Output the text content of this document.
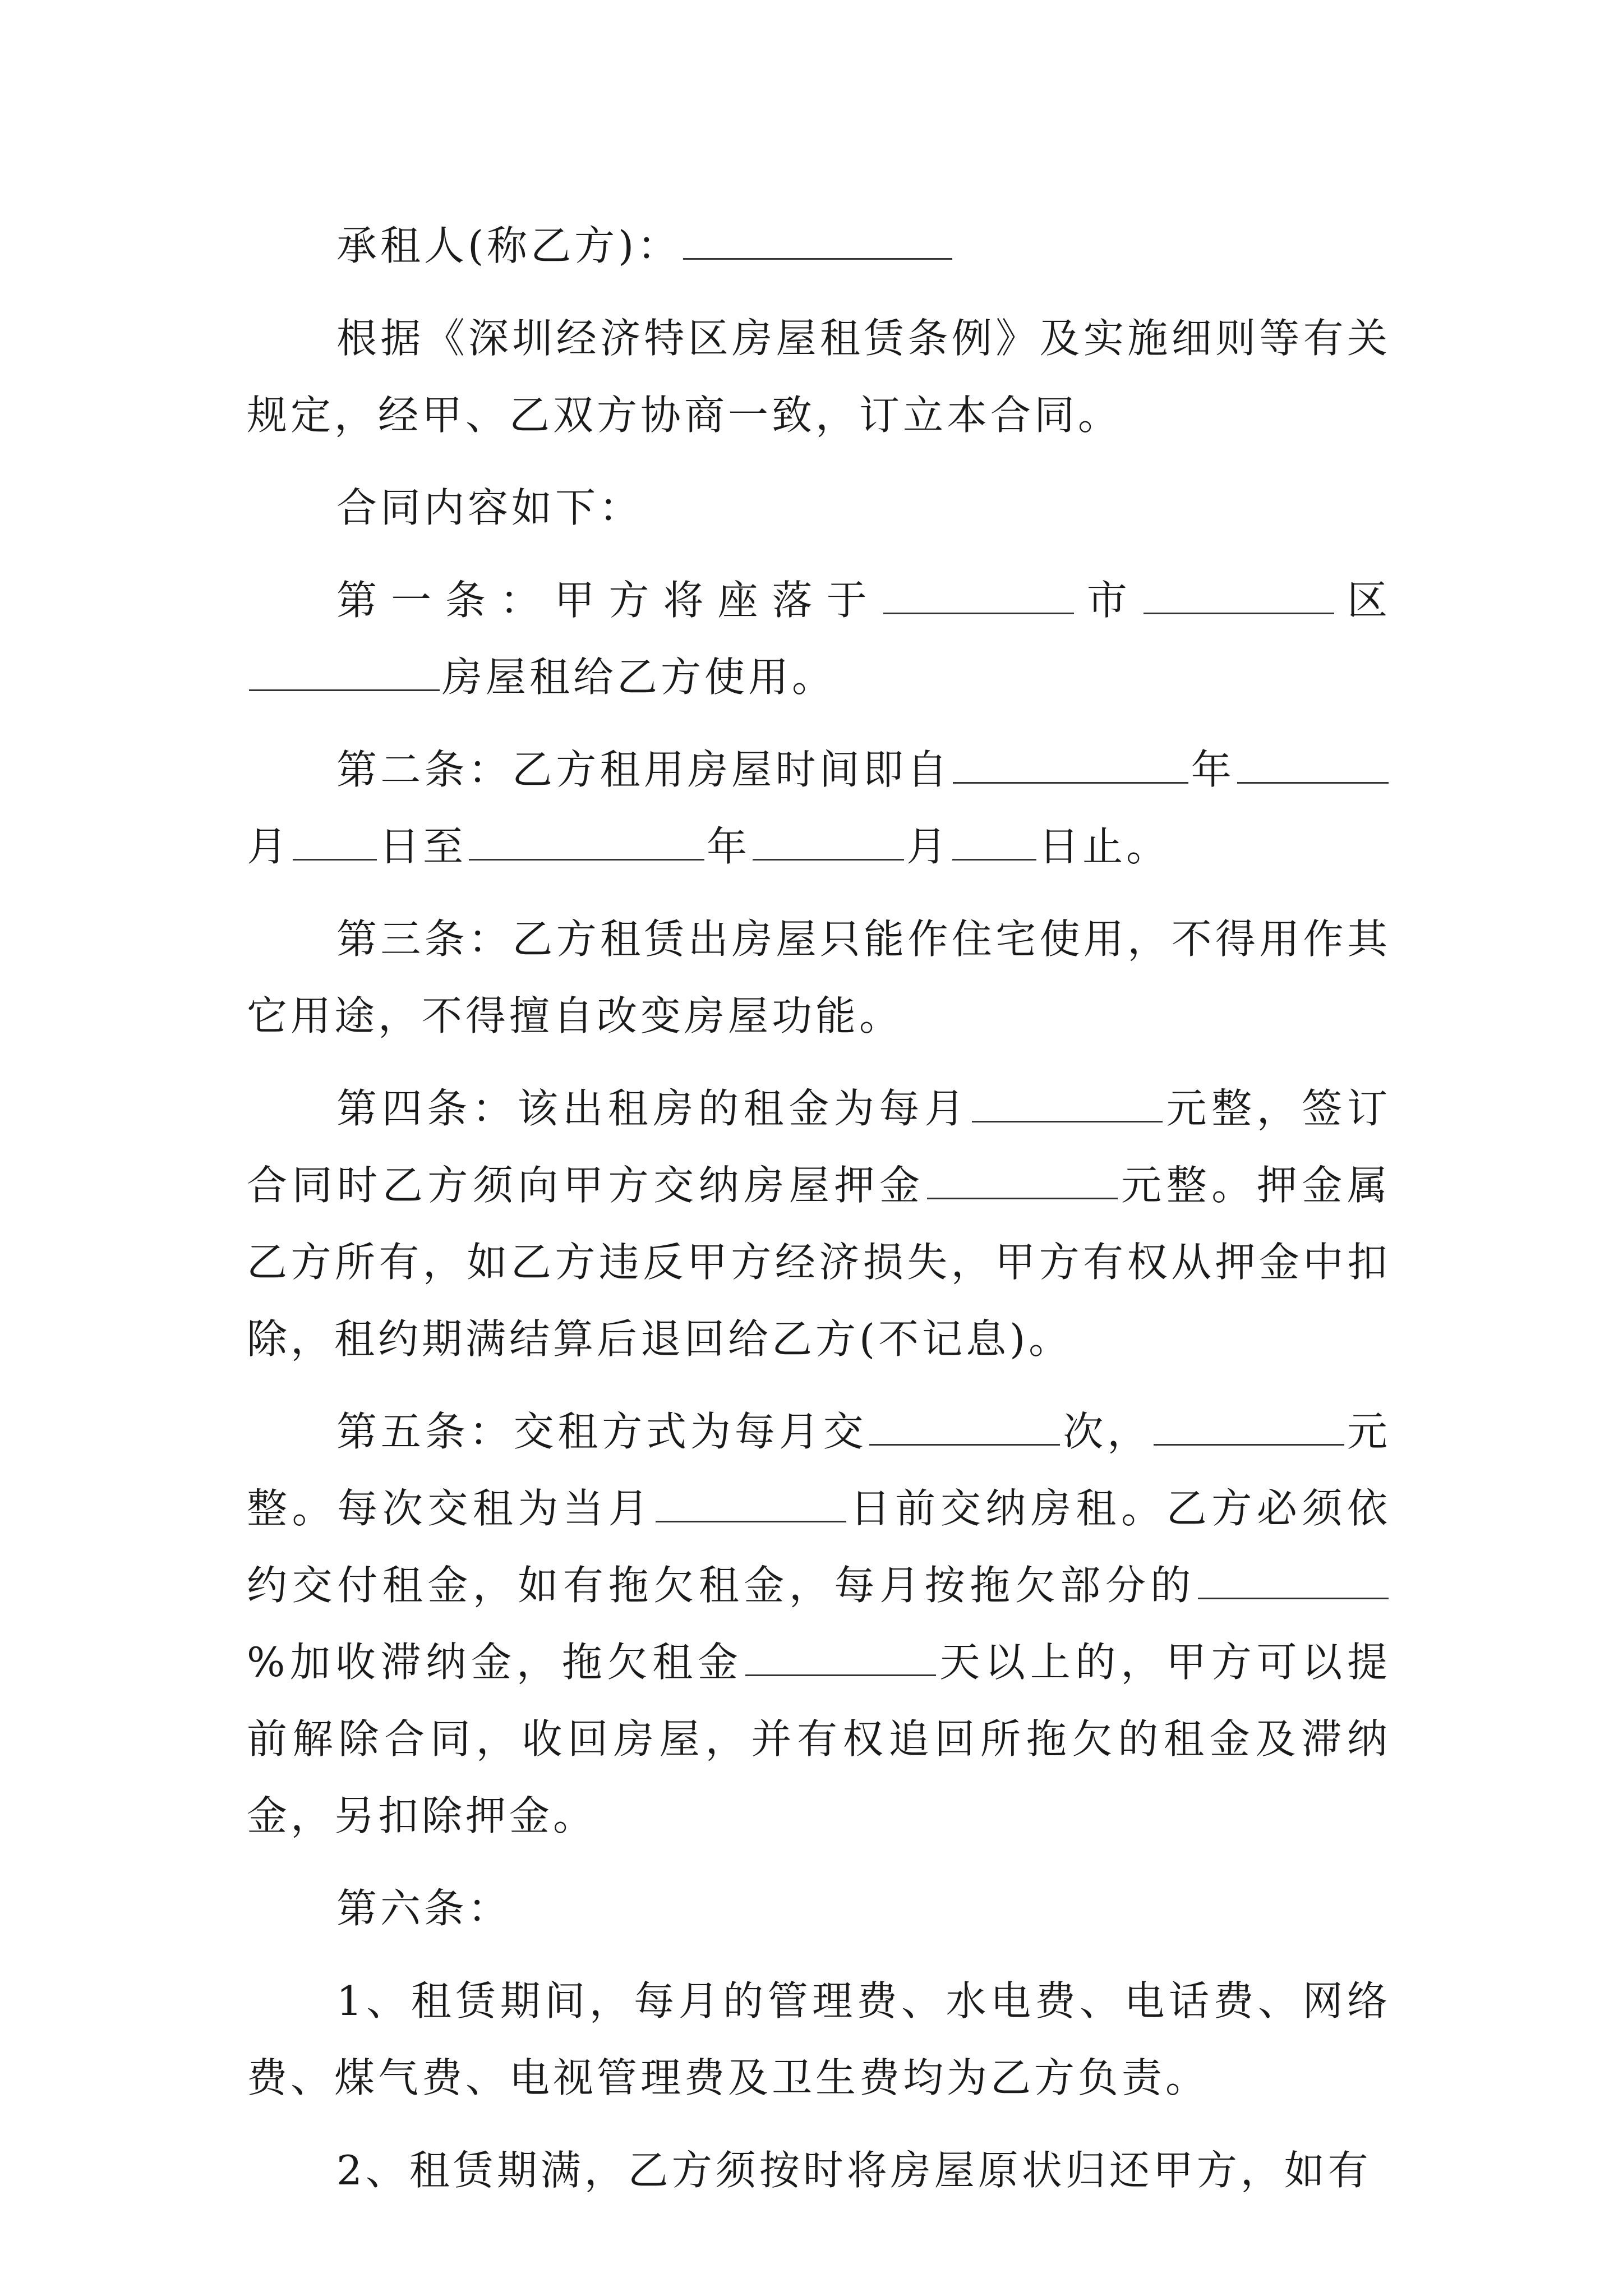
承租人(称乙方)：

根据《深圳经济特区房屋租赁条例》及实施细则等有关规定，经甲、乙双方协商一致，订立本合同。

合同内容如下：

第一条：甲方将座落于	市	区房屋租给乙方使用。

第二条：乙方租用房屋时间即自	年月 日至	年	月 日止。

第三条：乙方租赁出房屋只能作住宅使用，不得用作其它用途，不得擅自改变房屋功能。

第四条：该出租房的租金为每月	元整，签订合同时乙方须向甲方交纳房屋押金	元整。押金属乙方所有，如乙方违反甲方经济损失，甲方有权从押金中扣除，租约期满结算后退回给乙方(不记息)。

第五条：交租方式为每月交	次，	元整。每次交租为当月	日前交纳房租。乙方必须依约交付租金，如有拖欠租金，每月按拖欠部分的%加收滞纳金，拖欠租金	天以上的，甲方可以提前解除合同，收回房屋，并有权追回所拖欠的租金及滞纳金，另扣除押金。

第六条：

1、租赁期间，每月的管理费、水电费、电话费、网络费、煤气费、电视管理费及卫生费均为乙方负责。

2、租赁期满，乙方须按时将房屋原状归还甲方，如有
